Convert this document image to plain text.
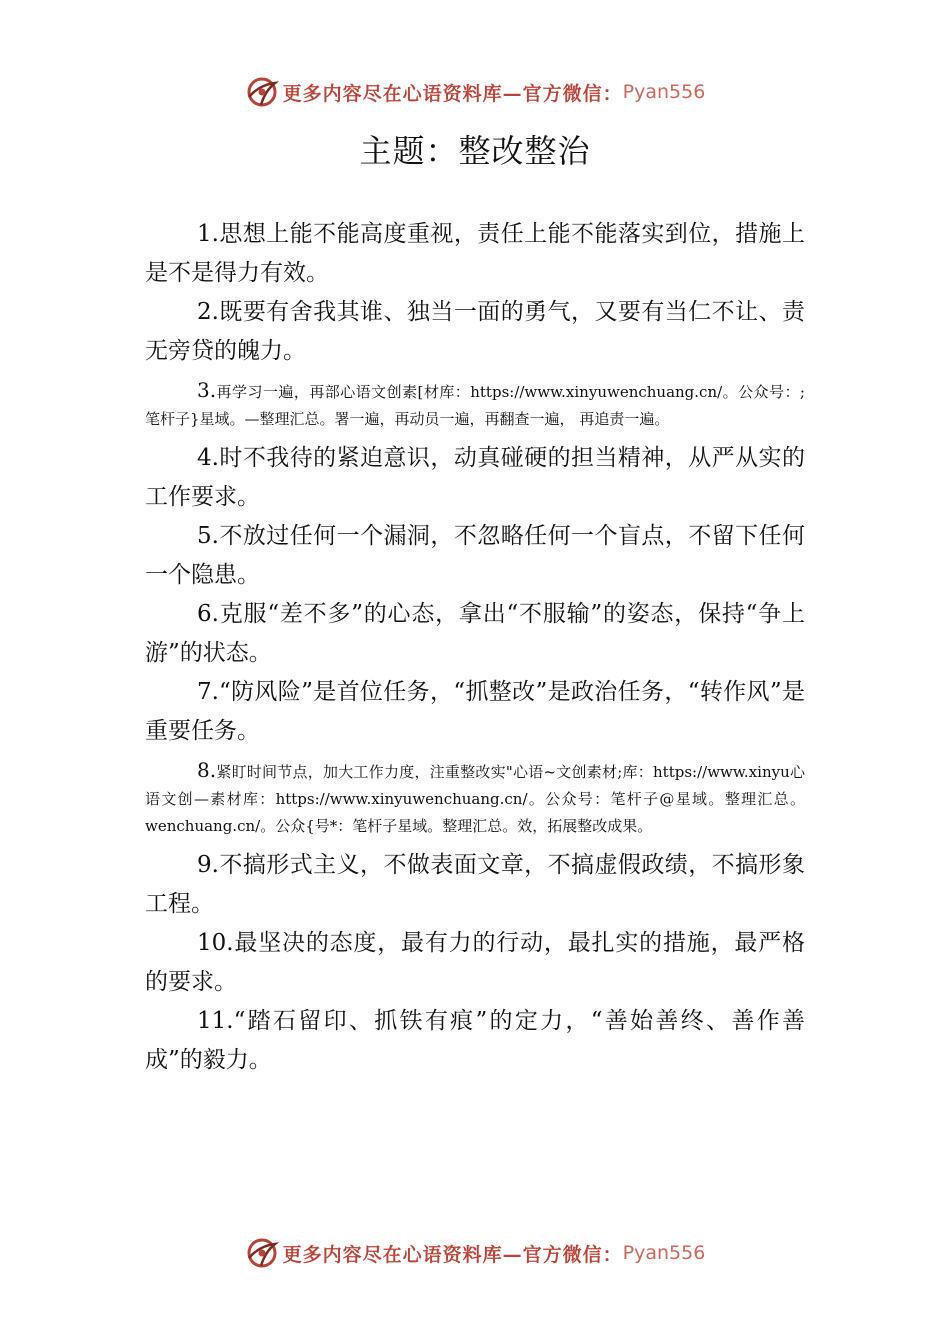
更多内容尽在心语资料库—官方微信： Pyan556
主题：整改整治

1.思想上能不能高度重视，责任上能不能落实到位，措施上是不是得力有效。

2.既要有舍我其谁、独当一面的勇气，又要有当仁不让、责无旁贷的魄力。

3.再学习一遍，再部心语文创素[材库：https://www.xinyuwenchuang.cn/。公众号：;笔杆子}星域。—整理汇总。署一遍，再动员一遍，再翻查一遍， 再追责一遍。

4.时不我待的紧迫意识，动真碰硬的担当精神，从严从实的工作要求。

5.不放过任何一个漏洞，不忽略任何一个盲点，不留下任何一个隐患。

6.克服“差不多”的心态，拿出“不服输”的姿态，保持“争上游”的状态。

7.“防风险”是首位任务，“抓整改”是政治任务，“转作风”是重要任务。

8.紧盯时间节点，加大工作力度，注重整改实"心语~文创素材;库：https://www.xinyu心语文创—素材库：https://www.xinyuwenchuang.cn/。公众号：笔杆子@星域。整理汇总。wenchuang.cn/。公众{号*：笔杆子星域。整理汇总。效，拓展整改成果。

9.不搞形式主义，不做表面文章，不搞虚假政绩，不搞形象工程。

10.最坚决的态度，最有力的行动，最扎实的措施，最严格的要求。

11.“踏石留印、抓铁有痕”的定力，“善始善终、善作善成”的毅力。

更多内容尽在心语资料库—官方微信： Pyan556
